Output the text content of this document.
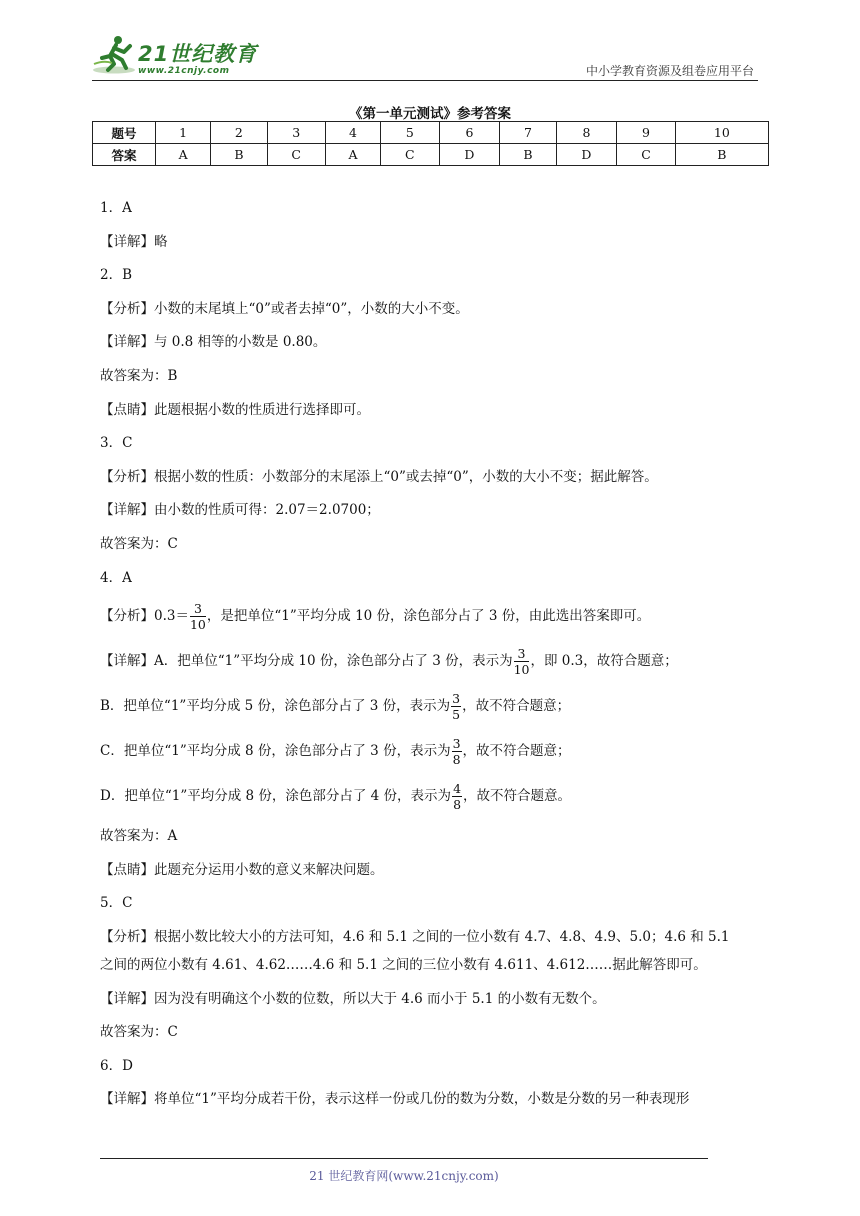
21世纪教育
www.21cnjy.com	中小学教育资源及组卷应用平台
《第一单元测试》参考答案
题号	1	2	3	4	5	6	7	8	9	10
答案	A	B	C	A	C	D	B	D	C	B
1．A
【详解】略
2．B
【分析】小数的末尾填上“0”或者去掉“0”，小数的大小不变。
【详解】与 0.8 相等的小数是 0.80。
故答案为：B
【点睛】此题根据小数的性质进行选择即可。
3．C
【分析】根据小数的性质：小数部分的末尾添上“0”或去掉“0”，小数的大小不变；据此解答。
【详解】由小数的性质可得：2.07＝2.0700；
故答案为：C
4．A
【分析】$0.3= \frac{3}{10}$ ，是把单位“1”平均分成 10 份，涂色部分占了 3 份，由此选出答案即可。
【详解】A．把单位“1”平均分成 10 份，涂色部分占了 3 份，表示为 $\frac{3}{10}$ ，即 0.3，故符合题意；
B．把单位“1”平均分成 5 份，涂色部分占了 3 份，表示为 $\frac{3}{5}$ ，故不符合题意；
C．把单位“1”平均分成 8 份，涂色部分占了 3 份，表示为 $\frac{3}{8}$ ，故不符合题意；
D．把单位“1”平均分成 8 份，涂色部分占了 4 份，表示为 $\frac{4}{8}$ ，故不符合题意。
故答案为：A
【点睛】此题充分运用小数的意义来解决问题。
5．C
【分析】根据小数比较大小的方法可知，4.6 和 5.1 之间的一位小数有 4.7、4.8、4.9、5.0；4.6 和 5.1
之间的两位小数有 4.61、4.62……4.6 和 5.1 之间的三位小数有 4.611、4.612……据此解答即可。
【详解】因为没有明确这个小数的位数，所以大于 4.6 而小于 5.1 的小数有无数个。
故答案为：C
6．D
【详解】将单位“1”平均分成若干份，表示这样一份或几份的数为分数，小数是分数的另一种表现形
21 世纪教育网(www.21cnjy.com)
